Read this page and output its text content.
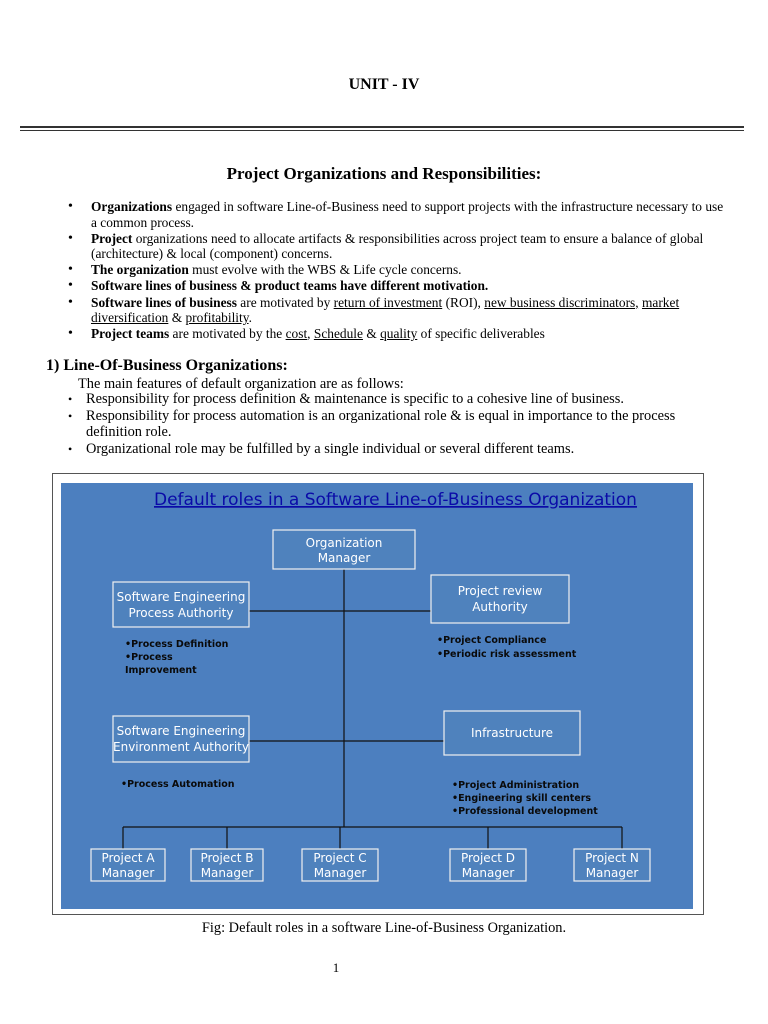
UNIT - IV
Project Organizations and Responsibilities:
• Organizations engaged in software Line-of-Business need to support projects with the infrastructure necessary to use a common process.
• Project organizations need to allocate artifacts & responsibilities across project team to ensure a balance of global (architecture) & local (component) concerns.
• The organization must evolve with the WBS & Life cycle concerns.
• Software lines of business & product teams have different motivation.
• Software lines of business are motivated by return of investment (ROI), new business discriminators, market diversification & profitability.
• Project teams are motivated by the cost, Schedule & quality of specific deliverables
1) Line-Of-Business Organizations:
The main features of default organization are as follows:
• Responsibility for process definition & maintenance is specific to a cohesive line of business.
• Responsibility for process automation is an organizational role & is equal in importance to the process definition role.
• Organizational role may be fulfilled by a single individual or several different teams.
Default roles in a Software Line-of-Business Organization
Organization
Manager
Software Engineering
Process Authority
Project review
Authority
Software Engineering
Environment Authority
Infrastructure
•Process Definition
•Process
Improvement
•Project Compliance
•Periodic risk assessment
•Process Automation	•Project Administration
•Engineering skill centers
•Professional development
Project A
Manager
Project B
Manager
Project C
Manager
Project D
Manager
Project N
Manager
Fig: Default roles in a software Line-of-Business Organization.
1
